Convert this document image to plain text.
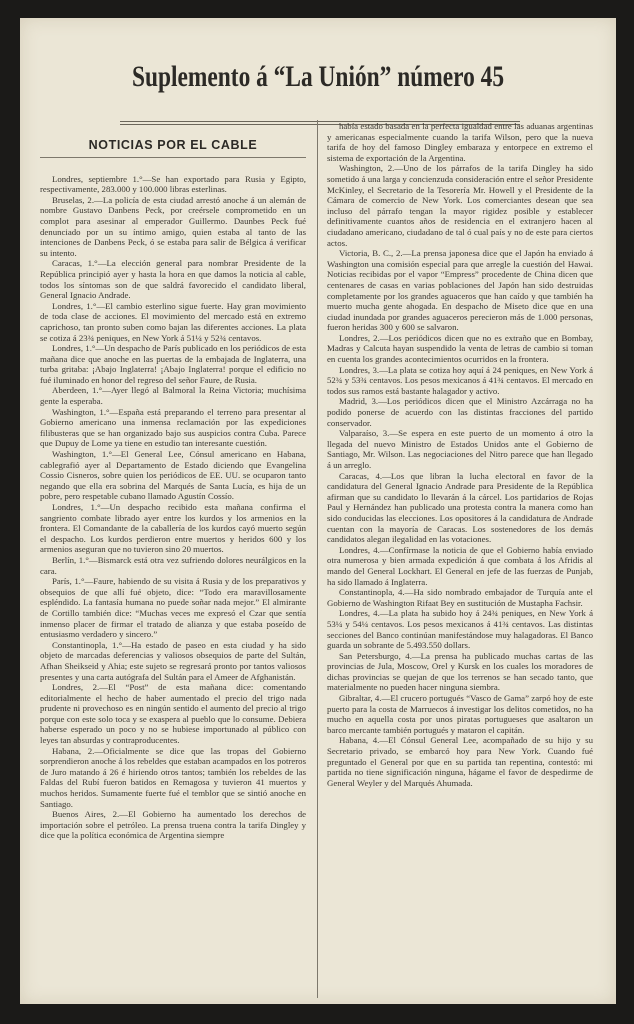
Suplemento á “La Unión” número 45
NOTICIAS POR EL CABLE

Londres, septiembre 1.°—Se han exportado para Rusia y Egipto, respectivamente, 283.000 y 100.000 libras esterlinas.

Bruselas, 2.—La policía de esta ciudad arrestó anoche á un alemán de nombre Gustavo Danbens Peck, por creérsele comprometido en un complot para asesinar al emperador Guillermo. Daunbes Peck fué denunciado por un su íntimo amigo, quien estaba al tanto de las intenciones de Danbens Peck, ó se estaba para salir de Bélgica á verificar su intento.

Caracas, 1.°—La elección general para nombrar Presidente de la República principió ayer y hasta la hora en que damos la noticia al cable, todos los síntomas son de que saldrá favorecido el candidato liberal, General Ignacio Andrade.

Londres, 1.°—El cambio esterlino sigue fuerte. Hay gran movimiento de toda clase de acciones. El movimiento del mercado está en extremo caprichoso, tan pronto suben como bajan las diferentes acciones. La plata se cotiza á 23¾ peniques, en New York á 51¼ y 52¾ centavos.

Londres, 1.°—Un despacho de París publicado en los periódicos de esta mañana dice que anoche en las puertas de la embajada de Inglaterra, una turba gritaba: ¡Abajo Inglaterra! ¡Abajo Inglaterra! porque el edificio no fué iluminado en honor del regreso del señor Faure, de Rusia.

Aberdeen, 1.°—Ayer llegó al Balmoral la Reina Victoria; muchísima gente la esperaba.

Washington, 1.°—España está preparando el terreno para presentar al Gobierno americano una inmensa reclamación por las expediciones filibusteras que se han organizado bajo sus auspicios contra Cuba. Parece que Dupuy de Lome ya tiene en estudio tan interesante cuestión.

Washington, 1.°—El General Lee, Cónsul americano en Habana, cablegrafió ayer al Departamento de Estado diciendo que Evangelina Cossio Cisneros, sobre quien los periódicos de EE. UU. se ocuparon tanto negando que ella era sobrina del Marqués de Santa Lucía, es hija de un pobre, pero respetable cubano llamado Agustín Cossío.

Londres, 1.°—Un despacho recibido esta mañana confirma el sangriento combate librado ayer entre los kurdos y los armenios en la frontera. El Comandante de la caballería de los kurdos cayó muerto según el despacho. Los kurdos perdieron entre muertos y heridos 600 y los armenios aseguran que no tuvieron sino 20 muertos.

Berlín, 1.°—Bismarck está otra vez sufriendo dolores neurálgicos en la cara.

París, 1.°—Faure, habiendo de su visita á Rusia y de los preparativos y obsequios de que allí fué objeto, dice: “Todo era maravillosamente espléndido. La fantasía humana no puede soñar nada mejor.” El almirante de Cortillo también dice: “Muchas veces me expresó el Czar que sentía inmenso placer de firmar el tratado de alianza y que estaba poseído de entusiasmo verdadero y sincero.”

Constantinopla, 1.°—Ha estado de paseo en esta ciudad y ha sido objeto de marcadas deferencias y valiosos obsequios de parte del Sultán, Afhan Sheikseid y Ahia; este sujeto se regresará pronto por tantos valiosos presentes y una carta autógrafa del Sultán para el Ameer de Afghanistán.

Londres, 2.—El “Post” de esta mañana dice: comentando editorialmente el hecho de haber aumentado el precio del trigo nada prudente ni provechoso es en ningún sentido el aumento del precio al trigo porque con este solo toca y se exaspera al pueblo que lo consume. Debiera haberse esperado un poco y no se hubiese importunado al público con leyes tan absurdas y contraproducentes.

Habana, 2.—Oficialmente se dice que las tropas del Gobierno sorprendieron anoche á los rebeldes que estaban acampados en los potreros de Juro matando á 26 é hiriendo otros tantos; también los rebeldes de las Faldas del Rubí fueron batidos en Remagosa y tuvieron 41 muertos y muchos heridos. Sumamente fuerte fué el temblor que se sintió anoche en Santiago.

Buenos Aires, 2.—El Gobierno ha aumentado los derechos de importación sobre el petróleo. La prensa truena contra la tarifa Dingley y dice que la política económica de Argentina siempre

había estado basada en la perfecta igualdad entre las aduanas argentinas y americanas especialmente cuando la tarifa Wilson, pero que la nueva tarifa de hoy del famoso Dingley embaraza y entorpece en extremo el sistema de exportación de la Argentina.

Washington, 2.—Uno de los párrafos de la tarifa Dingley ha sido sometido á una larga y concienzuda consideración entre el señor Presidente McKinley, el Secretario de la Tesorería Mr. Howell y el Presidente de la Cámara de comercio de New York. Los comerciantes desean que sea incluso del párrafo tengan la mayor rigidez posible y establecer definitivamente cuantos años de residencia en el extranjero hacen al ciudadano americano, ciudadano de tal ó cual país y no de este para ciertos actos.

Victoria, B. C., 2.—La prensa japonesa dice que el Japón ha enviado á Washington una comisión especial para que arregle la cuestión del Hawai. Noticias recibidas por el vapor “Empress” procedente de China dicen que centenares de casas en varias poblaciones del Japón han sido destruidas completamente por los grandes aguaceros que han caído y que también ha muerto mucha gente ahogada. En despacho de Miseto dice que en una ciudad inundada por grandes aguaceros perecieron más de 1.000 personas, fueron heridas 300 y 600 se salvaron.

Londres, 2.—Los periódicos dicen que no es extraño que en Bombay, Madras y Calcuta hayan suspendido la venta de letras de cambio si toman en cuenta los grandes acontecimientos ocurridos en la frontera.

Londres, 3.—La plata se cotiza hoy aquí á 24 peniques, en New York á 52¾ y 53¾ centavos. Los pesos mexicanos á 41¾ centavos. El mercado en todos sus ramos está bastante halagador y activo.

Madrid, 3.—Los periódicos dicen que el Ministro Azcárraga no ha podido ponerse de acuerdo con las distintas fracciones del partido conservador.

Valparaíso, 3.—Se espera en este puerto de un momento á otro la llegada del nuevo Ministro de Estados Unidos ante el Gobierno de Santiago, Mr. Wilson. Las negociaciones del Nitro parece que han llegado á un arreglo.

Caracas, 4.—Los que libran la lucha electoral en favor de la candidatura del General Ignacio Andrade para Presidente de la República afirman que su candidato lo llevarán á la cárcel. Los partidarios de Rojas Paul y Hernández han publicado una protesta contra la manera como han sido conducidas las elecciones. Los opositores á la candidatura de Andrade cuentan con la mayoría de Caracas. Los sostenedores de los demás candidatos alegan ilegalidad en las votaciones.

Londres, 4.—Confírmase la noticia de que el Gobierno había enviado otra numerosa y bien armada expedición á que combata á los Afridis al mando del General Lockhart. El General en jefe de las fuerzas de Punjab, ha sido llamado á Inglaterra.

Constantinopla, 4.—Ha sido nombrado embajador de Turquía ante el Gobierno de Washington Rifaat Bey en sustitución de Mustapha Fachsir.

Londres, 4.—La plata ha subido hoy á 24¾ peniques, en New York á 53¼ y 54¼ centavos. Los pesos mexicanos á 41¾ centavos. Las distintas secciones del Banco continúan manifestándose muy halagadoras. El Banco guarda un sobrante de 5.493.550 dollars.

San Petersburgo, 4.—La prensa ha publicado muchas cartas de las provincias de Jula, Moscow, Orel y Kursk en los cuales los moradores de dichas provincias se quejan de que los terrenos se han secado tanto, que materialmente no pueden hacer ninguna siembra.

Gibraltar, 4.—El crucero portugués “Vasco de Gama” zarpó hoy de este puerto para la costa de Marruecos á investigar los delitos cometidos, no ha mucho en aquella costa por unos piratas portugueses que asaltaron un barco mercante también portugués y mataron el capitán.

Habana, 4.—El Cónsul General Lee, acompañado de su hijo y su Secretario privado, se embarcó hoy para New York. Cuando fué preguntado el General por que en su partida tan repentina, contestó: mi partida no tiene significación ninguna, hágame el favor de despedirme de General Weyler y del Marqués Ahumada.
